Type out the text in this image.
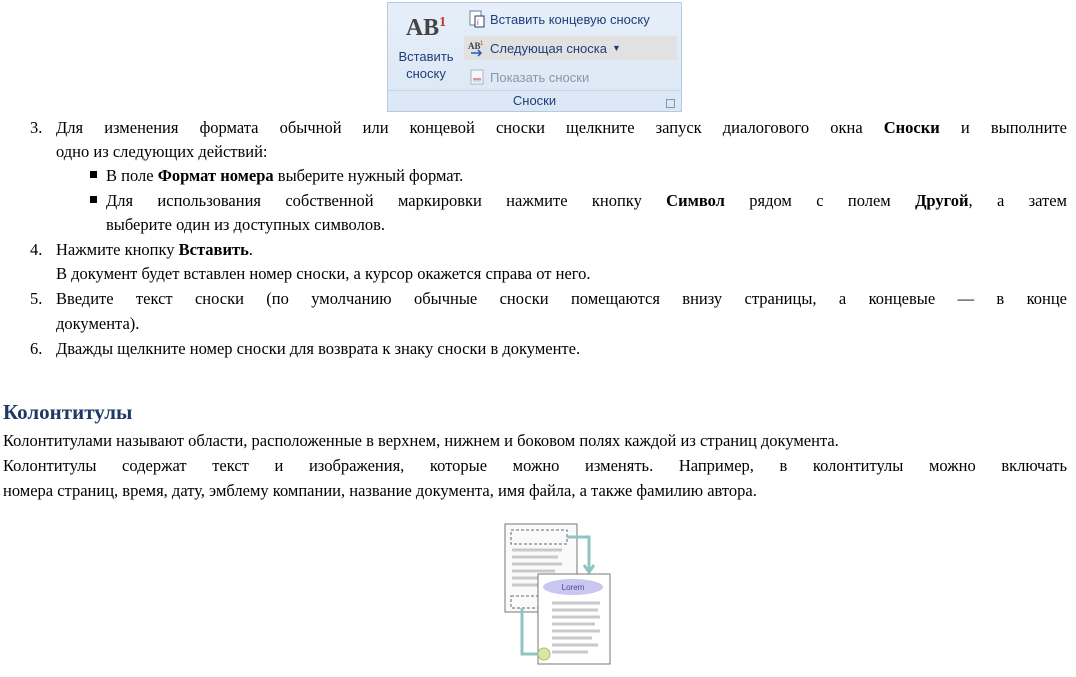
$AB^1$
Вставить
сноску
i Вставить концевую сноску
AB 1 Следующая сноска ▼
Показать сноски
Сноски
3. Для изменения формата обычной или концевой сноски щелкните запуск диалогового окна Сноски и выполните
одно из следующих действий:
В поле Формат номера выберите нужный формат.
Для использования собственной маркировки нажмите кнопку Символ рядом с полем Другой, а затем
выберите один из доступных символов.
4. Нажмите кнопку Вставить.
В документ будет вставлен номер сноски, а курсор окажется справа от него.
5. Введите текст сноски (по умолчанию обычные сноски помещаются внизу страницы, а концевые — в конце
документа).
6. Дважды щелкните номер сноски для возврата к знаку сноски в документе.
Колонтитулы
Колонтитулами называют области, расположенные в верхнем, нижнем и боковом полях каждой из страниц документа.
Колонтитулы содержат текст и изображения, которые можно изменять. Например, в колонтитулы можно включать
номера страниц, время, дату, эмблему компании, название документа, имя файла, а также фамилию автора.
Lorem
